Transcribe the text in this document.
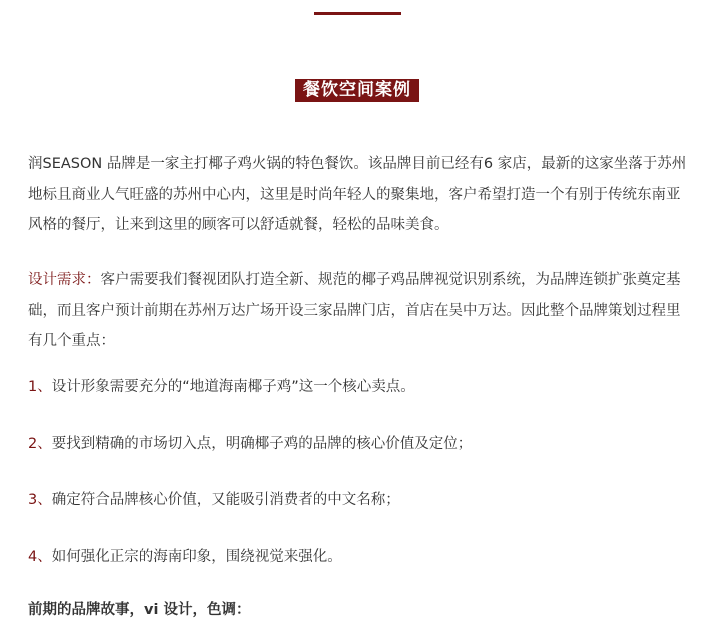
餐饮空间案例

润SEASON 品牌是一家主打椰子鸡火锅的特色餐饮。该品牌目前已经有6 家店，最新的这家坐落于苏州地标且商业人气旺盛的苏州中心内，这里是时尚年轻人的聚集地，客户希望打造一个有别于传统东南亚风格的餐厅，让来到这里的顾客可以舒适就餐，轻松的品味美食。

设计需求：客户需要我们餐视团队打造全新、规范的椰子鸡品牌视觉识别系统，为品牌连锁扩张奠定基础，而且客户预计前期在苏州万达广场开设三家品牌门店，首店在吴中万达。因此整个品牌策划过程里有几个重点：

1、设计形象需要充分的“地道海南椰子鸡”这一个核心卖点。

2、要找到精确的市场切入点，明确椰子鸡的品牌的核心价值及定位；

3、确定符合品牌核心价值，又能吸引消费者的中文名称；

4、如何强化正宗的海南印象，围绕视觉来强化。

前期的品牌故事，vi 设计，色调：
